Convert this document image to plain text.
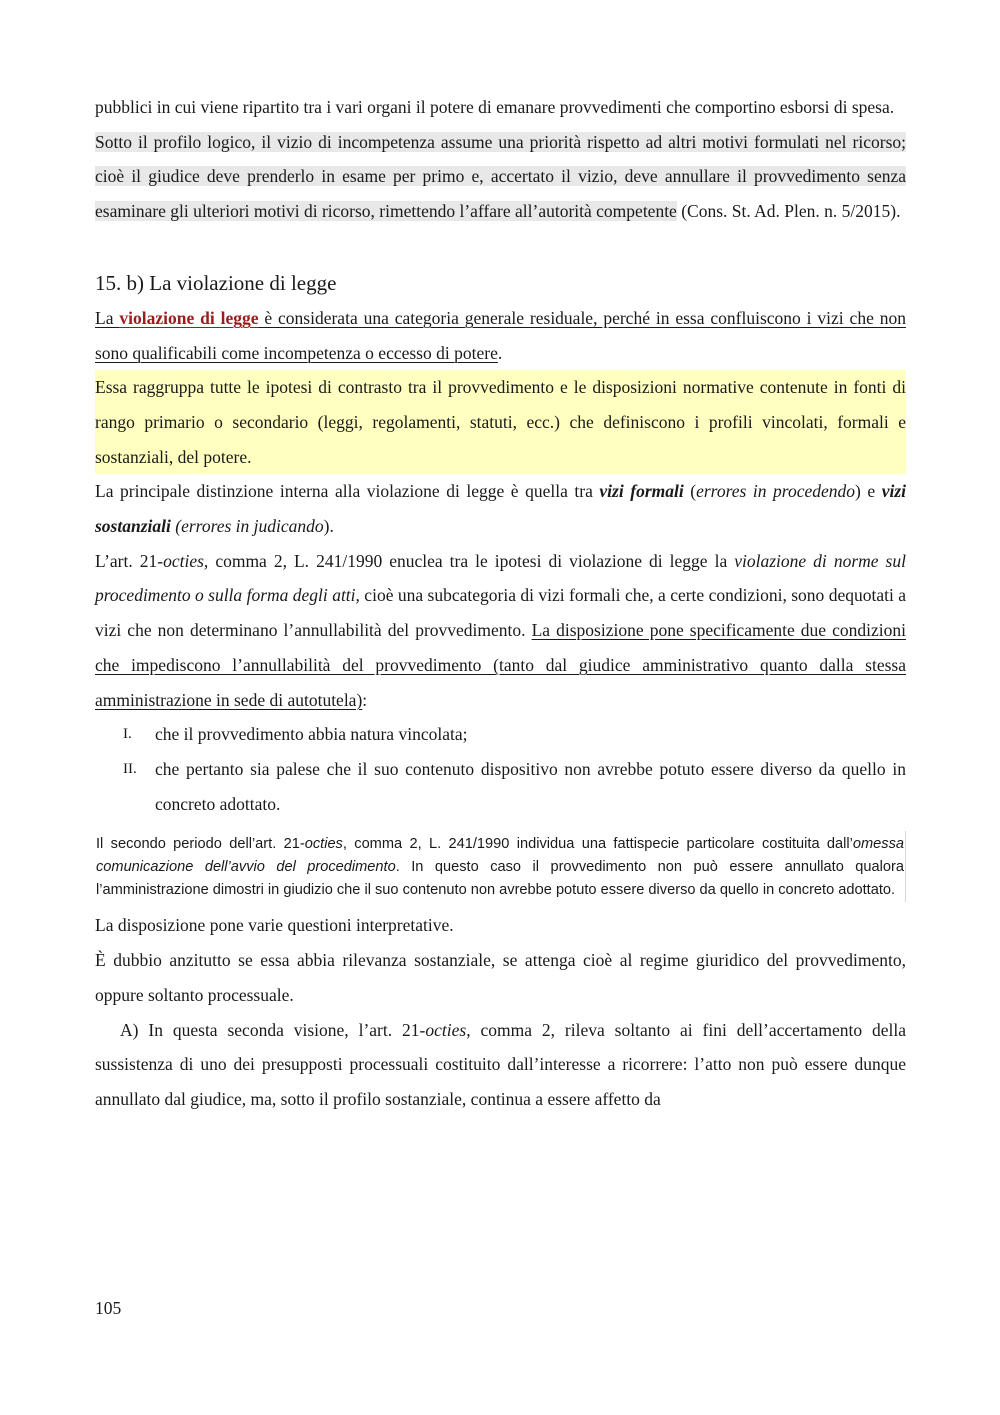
pubblici in cui viene ripartito tra i vari organi il potere di emanare provvedimenti che comportino esborsi di spesa.

Sotto il profilo logico, il vizio di incompetenza assume una priorità rispetto ad altri motivi formulati nel ricorso; cioè il giudice deve prenderlo in esame per primo e, accertato il vizio, deve annullare il provvedimento senza esaminare gli ulteriori motivi di ricorso, rimettendo l’affare all’autorità competente (Cons. St. Ad. Plen. n. 5/2015).

15. b) La violazione di legge

La violazione di legge è considerata una categoria generale residuale, perché in essa confluiscono i vizi che non sono qualificabili come incompetenza o eccesso di potere.

Essa raggruppa tutte le ipotesi di contrasto tra il provvedimento e le disposizioni normative contenute in fonti di rango primario o secondario (leggi, regolamenti, statuti, ecc.) che definiscono i profili vincolati, formali e sostanziali, del potere.

La principale distinzione interna alla violazione di legge è quella tra vizi formali (errores in procedendo) e vizi sostanziali (errores in judicando).

L’art. 21-octies, comma 2, L. 241/1990 enuclea tra le ipotesi di violazione di legge la violazione di norme sul procedimento o sulla forma degli atti, cioè una subcategoria di vizi formali che, a certe condizioni, sono dequotati a vizi che non determinano l’annullabilità del provvedimento. La disposizione pone specificamente due condizioni che impediscono l’annullabilità del provvedimento (tanto dal giudice amministrativo quanto dalla stessa amministrazione in sede di autotutela):

I. che il provvedimento abbia natura vincolata;
II. che pertanto sia palese che il suo contenuto dispositivo non avrebbe potuto essere diverso da quello in concreto adottato.
Il secondo periodo dell’art. 21-octies, comma 2, L. 241/1990 individua una fattispecie particolare costituita dall’omessa comunicazione dell’avvio del procedimento. In questo caso il provvedimento non può essere annullato qualora l’amministrazione dimostri in giudizio che il suo contenuto non avrebbe potuto essere diverso da quello in concreto adottato.

La disposizione pone varie questioni interpretative.

È dubbio anzitutto se essa abbia rilevanza sostanziale, se attenga cioè al regime giuridico del provvedimento, oppure soltanto processuale.

A) In questa seconda visione, l’art. 21-octies, comma 2, rileva soltanto ai fini dell’accertamento della sussistenza di uno dei presupposti processuali costituito dall’interesse a ricorrere: l’atto non può essere dunque annullato dal giudice, ma, sotto il profilo sostanziale, continua a essere affetto da

105
